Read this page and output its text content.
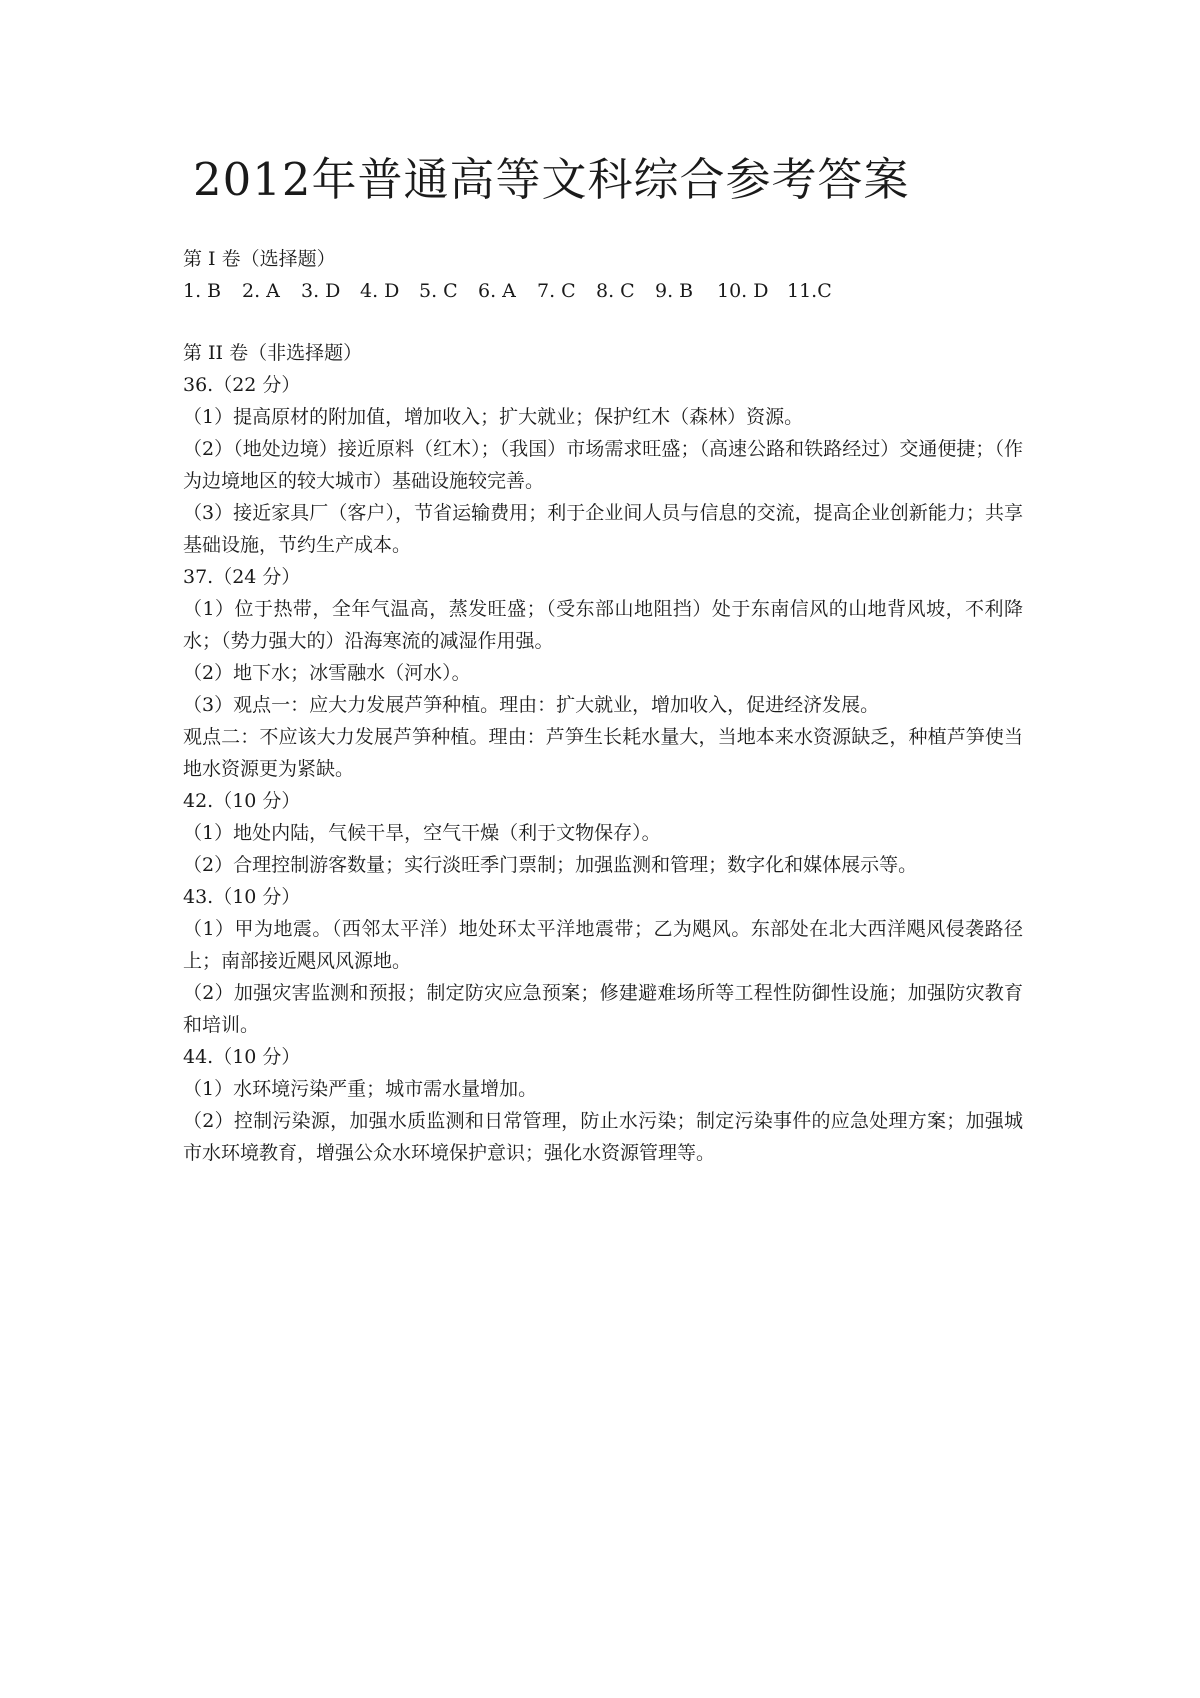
2012年普通高等文科综合参考答案
第 I 卷（选择题）
1. B	2. A	3. D	4. D	5. C	6. A	7. C	8. C	9. B	10. D 11.C
第 II 卷（非选择题）
36.（22 分）
（1）提高原材的附加值，增加收入；扩大就业；保护红木（森林）资源。
（2）（地处边境）接近原料（红木）；（我国）市场需求旺盛；（高速公路和铁路经过）交通便捷；（作为边境地区的较大城市）基础设施较完善。
（3）接近家具厂（客户），节省运输费用；利于企业间人员与信息的交流，提高企业创新能力；共享基础设施，节约生产成本。
37.（24 分）
（1）位于热带，全年气温高，蒸发旺盛；（受东部山地阻挡）处于东南信风的山地背风坡，不利降水；（势力强大的）沿海寒流的减湿作用强。
（2）地下水；冰雪融水（河水）。
（3）观点一：应大力发展芦笋种植。理由：扩大就业，增加收入，促进经济发展。
观点二：不应该大力发展芦笋种植。理由：芦笋生长耗水量大，当地本来水资源缺乏，种植芦笋使当地水资源更为紧缺。
42.（10 分）
（1）地处内陆，气候干旱，空气干燥（利于文物保存）。
（2）合理控制游客数量；实行淡旺季门票制；加强监测和管理；数字化和媒体展示等。
43.（10 分）
（1）甲为地震。（西邻太平洋）地处环太平洋地震带；乙为飓风。东部处在北大西洋飓风侵袭路径上；南部接近飓风风源地。
（2）加强灾害监测和预报；制定防灾应急预案；修建避难场所等工程性防御性设施；加强防灾教育和培训。
44.（10 分）
（1）水环境污染严重；城市需水量增加。
（2）控制污染源，加强水质监测和日常管理，防止水污染；制定污染事件的应急处理方案；加强城市水环境教育，增强公众水环境保护意识；强化水资源管理等。
